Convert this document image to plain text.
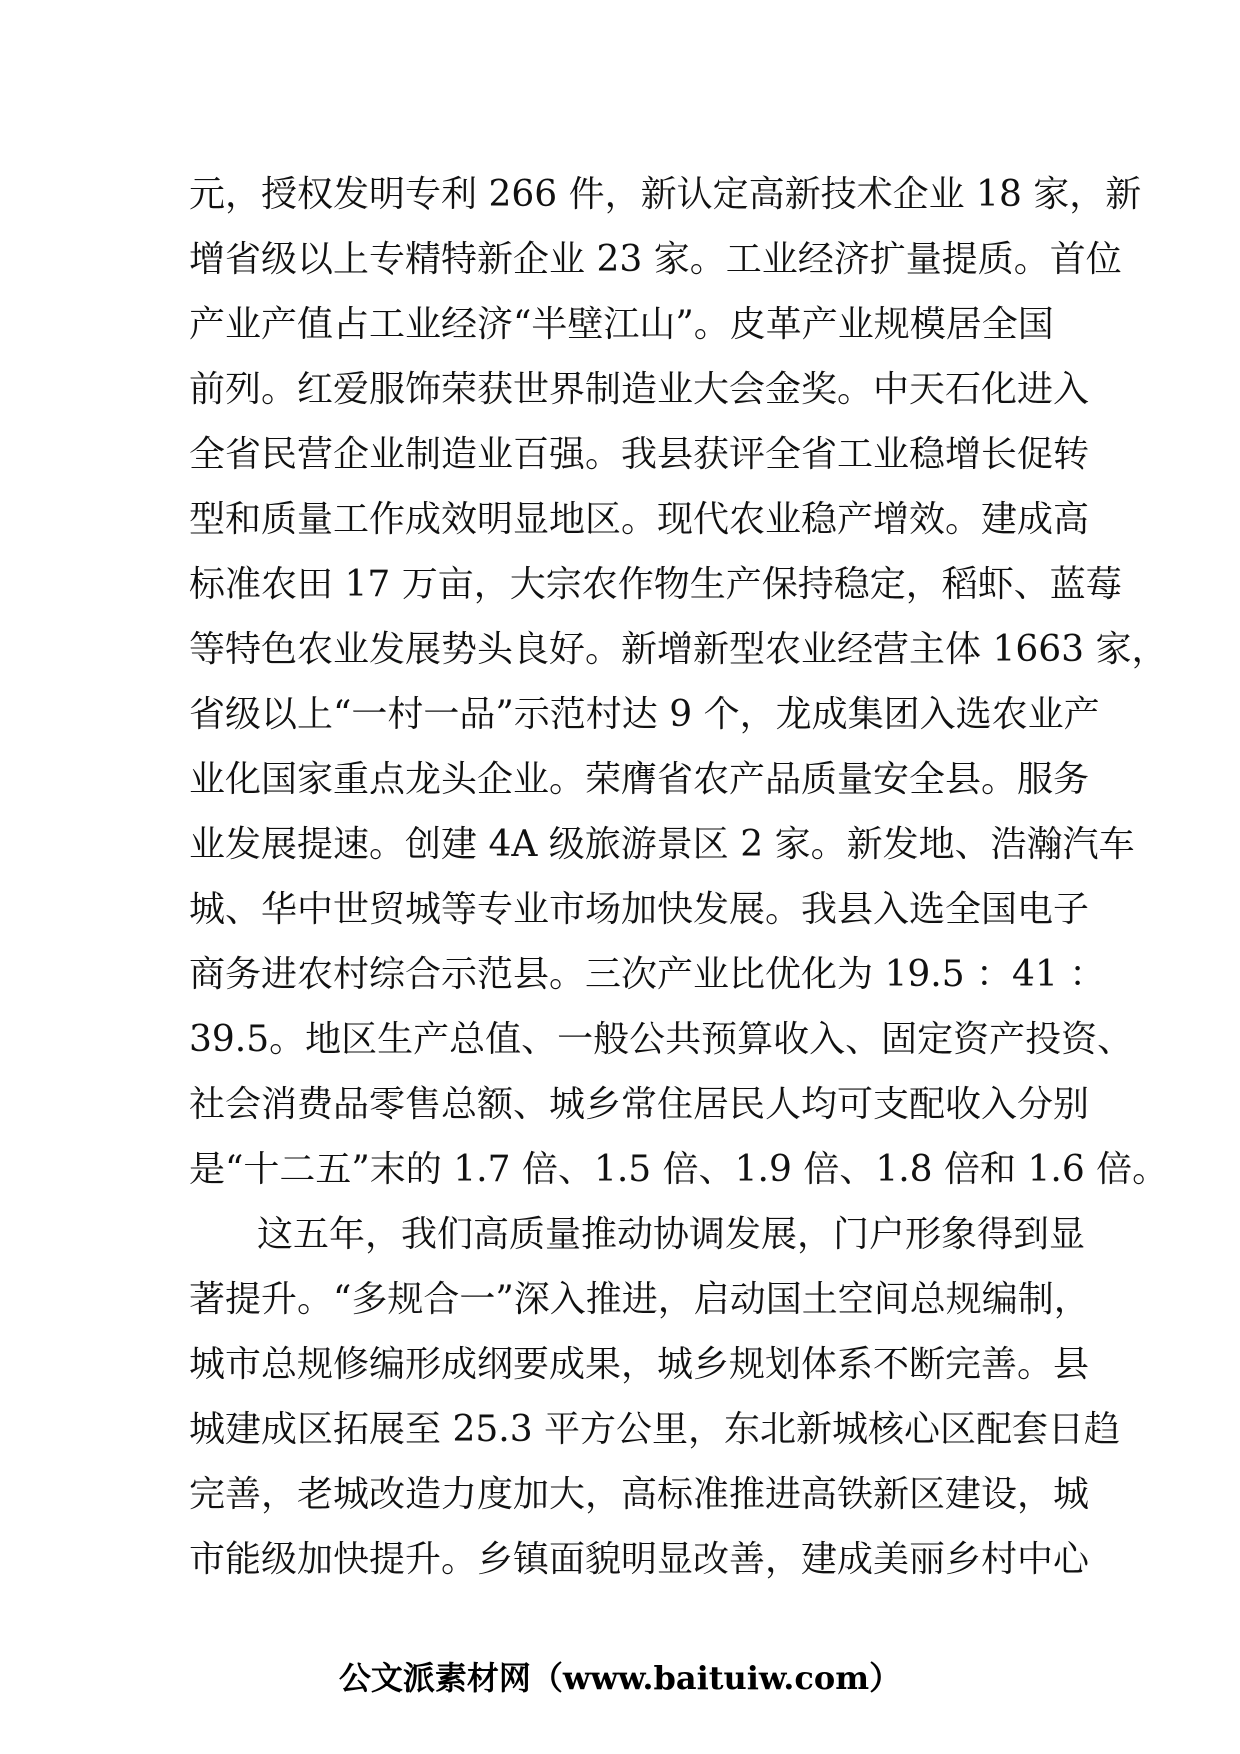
元，授权发明专利 266 件，新认定高新技术企业 18 家，新
增省级以上专精特新企业 23 家。工业经济扩量提质。首位
产业产值占工业经济“半壁江山”。皮革产业规模居全国
前列。红爱服饰荣获世界制造业大会金奖。中天石化进入
全省民营企业制造业百强。我县获评全省工业稳增长促转
型和质量工作成效明显地区。现代农业稳产增效。建成高
标准农田 17 万亩，大宗农作物生产保持稳定，稻虾、蓝莓
等特色农业发展势头良好。新增新型农业经营主体 1663 家，
省级以上“一村一品”示范村达 9 个，龙成集团入选农业产
业化国家重点龙头企业。荣膺省农产品质量安全县。服务
业发展提速。创建 4A 级旅游景区 2 家。新发地、浩瀚汽车
城、华中世贸城等专业市场加快发展。我县入选全国电子
商务进农村综合示范县。三次产业比优化为 19.5 ：41 ：
39.5。地区生产总值、一般公共预算收入、固定资产投资、
社会消费品零售总额、城乡常住居民人均可支配收入分别
是“十二五”末的 1.7 倍、1.5 倍、1.9 倍、1.8 倍和 1.6 倍。
这五年，我们高质量推动协调发展，门户形象得到显
著提升。“多规合一”深入推进，启动国土空间总规编制，
城市总规修编形成纲要成果，城乡规划体系不断完善。县
城建成区拓展至 25.3 平方公里，东北新城核心区配套日趋
完善，老城改造力度加大，高标准推进高铁新区建设，城
市能级加快提升。乡镇面貌明显改善，建成美丽乡村中心
公文派素材网（www.baituiw.com）
